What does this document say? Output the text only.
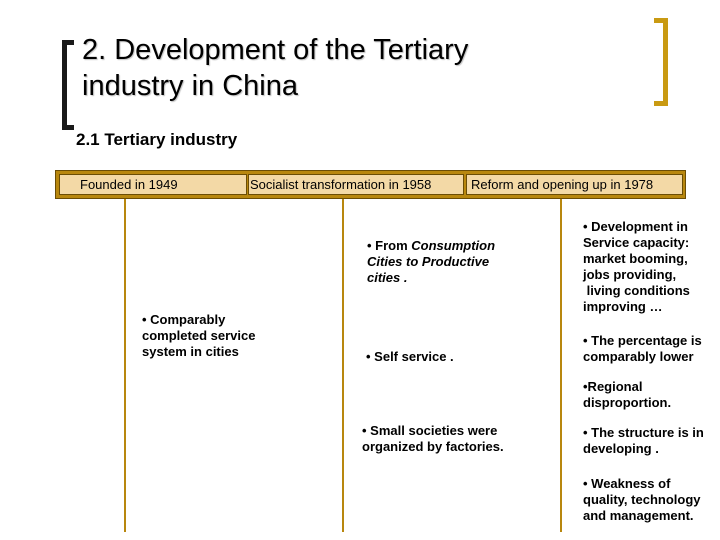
2. Development of the Tertiary
industry in China
2.1 Tertiary industry
Founded in 1949	Socialist transformation in 1958	Reform and opening up in 1978
• Comparably
completed service
system in cities
• From Consumption
Cities to Productive
cities .
• Self service .
• Small societies were
organized by factories.
• Development in
Service capacity:
market booming,
jobs providing,
living conditions
improving …
• The percentage is
comparably lower
•Regional
disproportion.
• The structure is in
developing .
• Weakness of
quality, technology
and management.
